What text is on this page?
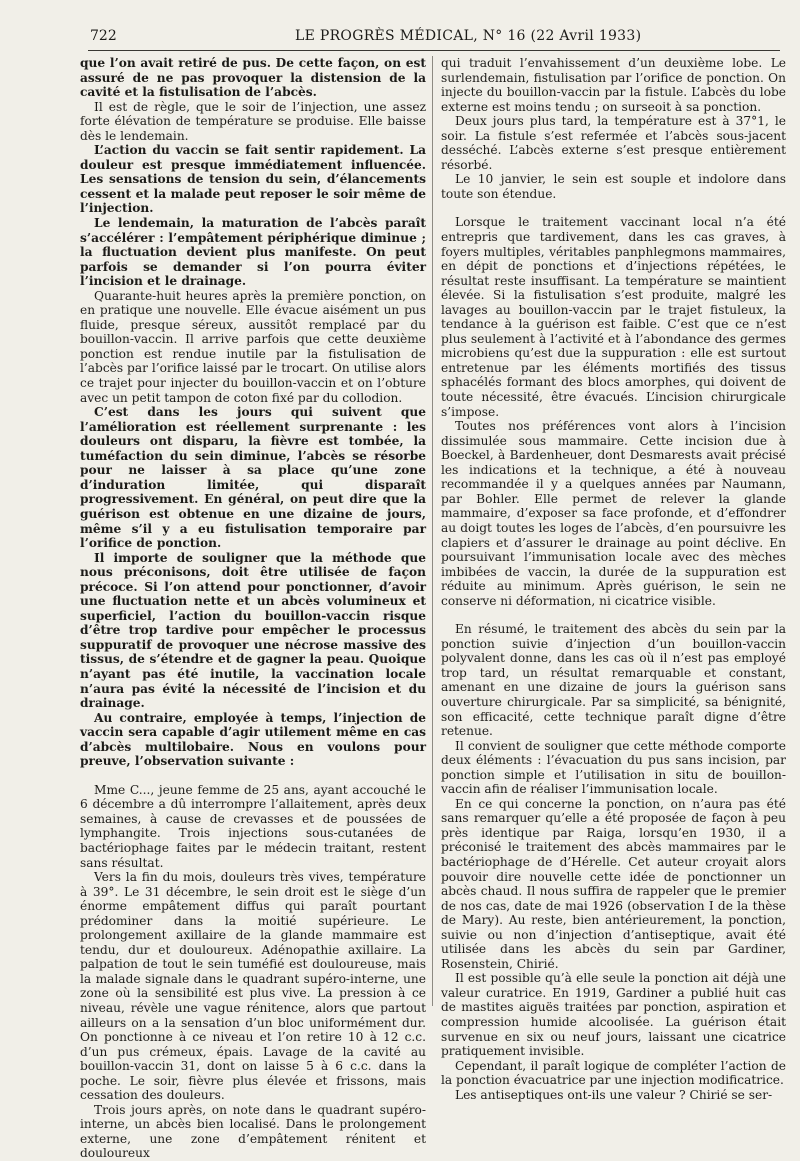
722	LE PROGRÈS MÉDICAL, N° 16 (22 Avril 1933)

que l’on avait retiré de pus. De cette façon, on est assuré de ne pas provoquer la distension de la cavité et la fistulisation de l’abcès.

Il est de règle, que le soir de l’injection, une assez forte élévation de température se produise. Elle baisse dès le lendemain.

L’action du vaccin se fait sentir rapidement. La douleur est presque immédiatement influencée. Les sensations de tension du sein, d’élancements cessent et la malade peut reposer le soir même de l’injection.

Le lendemain, la maturation de l’abcès paraît s’accélérer : l’empâtement périphérique diminue ; la fluctuation devient plus manifeste. On peut parfois se demander si l’on pourra éviter l’incision et le drainage.

Quarante-huit heures après la première ponction, on en pratique une nouvelle. Elle évacue aisément un pus fluide, presque séreux, aussitôt remplacé par du bouillon-vaccin. Il arrive parfois que cette deuxième ponction est rendue inutile par la fistulisation de l’abcès par l’orifice laissé par le trocart. On utilise alors ce trajet pour injecter du bouillon-vaccin et on l’obture avec un petit tampon de coton fixé par du collodion.

C’est dans les jours qui suivent que l’amélioration est réellement surprenante : les douleurs ont disparu, la fièvre est tombée, la tuméfaction du sein diminue, l’abcès se résorbe pour ne laisser à sa place qu’une zone d’induration limitée, qui disparaît progressivement. En général, on peut dire que la guérison est obtenue en une dizaine de jours, même s’il y a eu fistulisation temporaire par l’orifice de ponction.

Il importe de souligner que la méthode que nous préconisons, doit être utilisée de façon précoce. Si l’on attend pour ponctionner, d’avoir une fluctuation nette et un abcès volumineux et superficiel, l’action du bouillon-vaccin risque d’être trop tardive pour empêcher le processus suppuratif de provoquer une nécrose massive des tissus, de s’étendre et de gagner la peau. Quoique n’ayant pas été inutile, la vaccination locale n’aura pas évité la nécessité de l’incision et du drainage.

Au contraire, employée à temps, l’injection de vaccin sera capable d’agir utilement même en cas d’abcès multilobaire. Nous en voulons pour preuve, l’observation suivante :

Mme C..., jeune femme de 25 ans, ayant accouché le 6 décembre a dû interrompre l’allaitement, après deux semaines, à cause de crevasses et de poussées de lymphangite. Trois injections sous-cutanées de bactériophage faites par le médecin traitant, restent sans résultat.

Vers la fin du mois, douleurs très vives, température à 39°. Le 31 décembre, le sein droit est le siège d’un énorme empâtement diffus qui paraît pourtant prédominer dans la moitié supérieure. Le prolongement axillaire de la glande mammaire est tendu, dur et douloureux. Adénopathie axillaire. La palpation de tout le sein tuméfié est douloureuse, mais la malade signale dans le quadrant supéro-interne, une zone où la sensibilité est plus vive. La pression à ce niveau, révèle une vague rénitence, alors que partout ailleurs on a la sensation d’un bloc uniformément dur. On ponctionne à ce niveau et l’on retire 10 à 12 c.c. d’un pus crémeux, épais. Lavage de la cavité au bouillon-vaccin 31, dont on laisse 5 à 6 c.c. dans la poche. Le soir, fièvre plus élevée et frissons, mais cessation des douleurs.

Trois jours après, on note dans le quadrant supéro-interne, un abcès bien localisé. Dans le prolongement externe, une zone d’empâtement rénitent et douloureux

qui traduit l’envahissement d’un deuxième lobe. Le surlendemain, fistulisation par l’orifice de ponction. On injecte du bouillon-vaccin par la fistule. L’abcès du lobe externe est moins tendu ; on surseoit à sa ponction.

Deux jours plus tard, la température est à 37°1, le soir. La fistule s’est refermée et l’abcès sous-jacent desséché. L’abcès externe s’est presque entièrement résorbé.

Le 10 janvier, le sein est souple et indolore dans toute son étendue.

Lorsque le traitement vaccinant local n’a été entrepris que tardivement, dans les cas graves, à foyers multiples, véritables panphlegmons mammaires, en dépit de ponctions et d’injections répétées, le résultat reste insuffisant. La température se maintient élevée. Si la fistulisation s’est produite, malgré les lavages au bouillon-vaccin par le trajet fistuleux, la tendance à la guérison est faible. C’est que ce n’est plus seulement à l’activité et à l’abondance des germes microbiens qu’est due la suppuration : elle est surtout entretenue par les éléments mortifiés des tissus sphacélés formant des blocs amorphes, qui doivent de toute nécessité, être évacués. L’incision chirurgicale s’impose.

Toutes nos préférences vont alors à l’incision dissimulée sous mammaire. Cette incision due à Boeckel, à Bardenheuer, dont Desmarests avait précisé les indications et la technique, a été à nouveau recommandée il y a quelques années par Naumann, par Bohler. Elle permet de relever la glande mammaire, d’exposer sa face profonde, et d’effondrer au doigt toutes les loges de l’abcès, d’en poursuivre les clapiers et d’assurer le drainage au point déclive. En poursuivant l’immunisation locale avec des mèches imbibées de vaccin, la durée de la suppuration est réduite au minimum. Après guérison, le sein ne conserve ni déformation, ni cicatrice visible.

En résumé, le traitement des abcès du sein par la ponction suivie d’injection d’un bouillon-vaccin polyvalent donne, dans les cas où il n’est pas employé trop tard, un résultat remarquable et constant, amenant en une dizaine de jours la guérison sans ouverture chirurgicale. Par sa simplicité, sa bénignité, son efficacité, cette technique paraît digne d’être retenue.

Il convient de souligner que cette méthode comporte deux éléments : l’évacuation du pus sans incision, par ponction simple et l’utilisation in situ de bouillon-vaccin afin de réaliser l’immunisation locale.

En ce qui concerne la ponction, on n’aura pas été sans remarquer qu’elle a été proposée de façon à peu près identique par Raiga, lorsqu’en 1930, il a préconisé le traitement des abcès mammaires par le bactériophage de d’Hérelle. Cet auteur croyait alors pouvoir dire nouvelle cette idée de ponctionner un abcès chaud. Il nous suffira de rappeler que le premier de nos cas, date de mai 1926 (observation I de la thèse de Mary). Au reste, bien antérieurement, la ponction, suivie ou non d’injection d’antiseptique, avait été utilisée dans les abcès du sein par Gardiner, Rosenstein, Chirié.

Il est possible qu’à elle seule la ponction ait déjà une valeur curatrice. En 1919, Gardiner a publié huit cas de mastites aiguës traitées par ponction, aspiration et compression humide alcoolisée. La guérison était survenue en six ou neuf jours, laissant une cicatrice pratiquement invisible.

Cependant, il paraît logique de compléter l’action de la ponction évacuatrice par une injection modificatrice.

Les antiseptiques ont-ils une valeur ? Chirié se ser-
